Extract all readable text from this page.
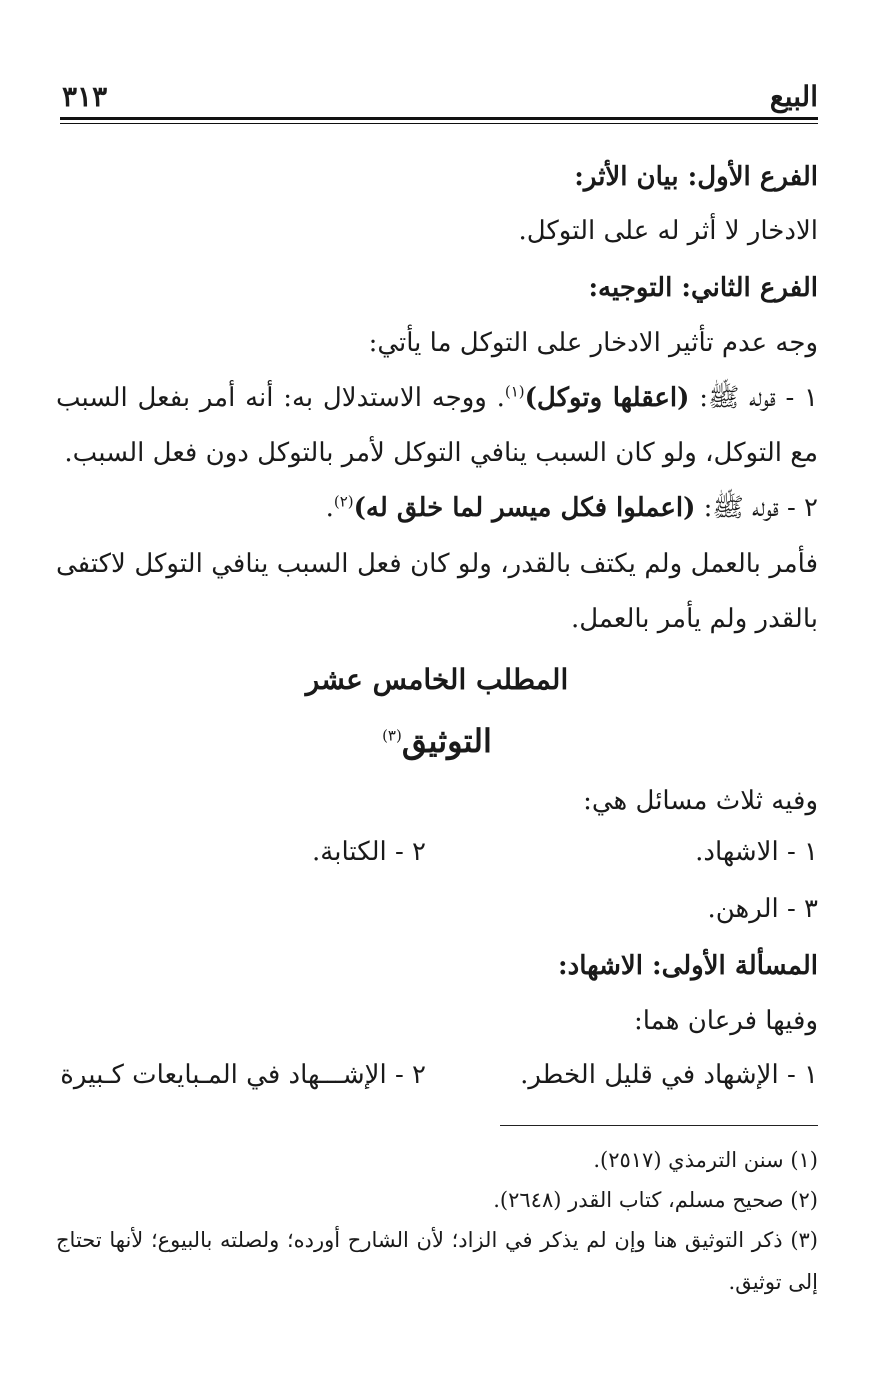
البيع
٣١٣
الفرع الأول: بيان الأثر:
الادخار لا أثر له على التوكل.
الفرع الثاني: التوجيه:
وجه عدم تأثير الادخار على التوكل ما يأتي:
١ - قوله ﷺ: (اعقلها وتوكل)$^{(١)}$. ووجه الاستدلال به: أنه أمر بفعل السبب
مع التوكل، ولو كان السبب ينافي التوكل لأمر بالتوكل دون فعل السبب.
٢ - قوله ﷺ: (اعملوا فكل ميسر لما خلق له)$^{(٢)}$.
فأمر بالعمل ولم يكتف بالقدر، ولو كان فعل السبب ينافي التوكل لاكتفى
بالقدر ولم يأمر بالعمل.
المطلب الخامس عشر
التوثيق$^{(٣)}$
وفيه ثلاث مسائل هي:
١ - الاشهاد.
٢ - الكتابة.
٣ - الرهن.
المسألة الأولى: الاشهاد:
وفيها فرعان هما:
١ - الإشهاد في قليل الخطر.
٢ - الإشـــهاد في المـبايعات كـبيرة
(١) سنن الترمذي (٢٥١٧).
(٢) صحيح مسلم، كتاب القدر (٢٦٤٨).
(٣) ذكر التوثيق هنا وإن لم يذكر في الزاد؛ لأن الشارح أورده؛ ولصلته بالبيوع؛ لأنها تحتاج
إلى توثيق.
